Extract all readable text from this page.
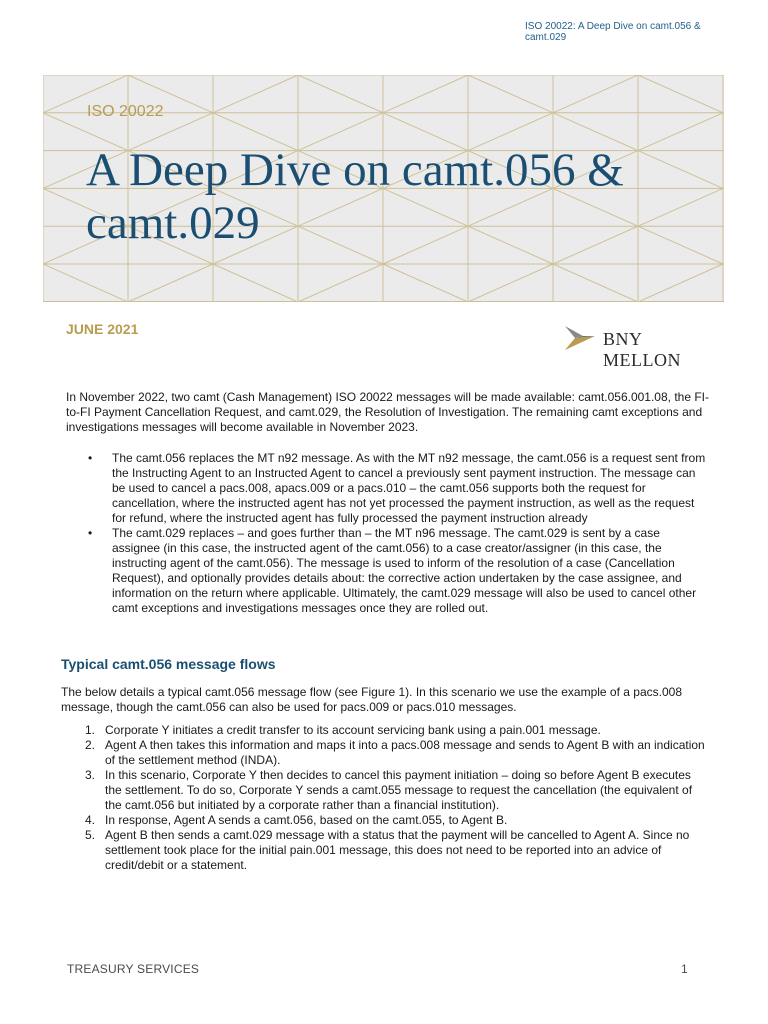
ISO 20022: A Deep Dive on camt.056 & camt.029
ISO 20022
A Deep Dive on camt.056 & camt.029
JUNE 2021	BNY MELLON

In November 2022, two camt (Cash Management) ISO 20022 messages will be made available: camt.056.001.08, the FI-to-FI Payment Cancellation Request, and camt.029, the Resolution of Investigation. The remaining camt exceptions and investigations messages will become available in November 2023.

• The camt.056 replaces the MT n92 message. As with the MT n92 message, the camt.056 is a request sent from the Instructing Agent to an Instructed Agent to cancel a previously sent payment instruction. The message can be used to cancel a pacs.008, apacs.009 or a pacs.010 – the camt.056 supports both the request for cancellation, where the instructed agent has not yet processed the payment instruction, as well as the request for refund, where the instructed agent has fully processed the payment instruction already
• The camt.029 replaces – and goes further than – the MT n96 message. The camt.029 is sent by a case assignee (in this case, the instructed agent of the camt.056) to a case creator/assigner (in this case, the instructing agent of the camt.056). The message is used to inform of the resolution of a case (Cancellation Request), and optionally provides details about: the corrective action undertaken by the case assignee, and information on the return where applicable. Ultimately, the camt.029 message will also be used to cancel other camt exceptions and investigations messages once they are rolled out.
Typical camt.056 message flows

The below details a typical camt.056 message flow (see Figure 1). In this scenario we use the example of a pacs.008 message, though the camt.056 can also be used for pacs.009 or pacs.010 messages.

1. Corporate Y initiates a credit transfer to its account servicing bank using a pain.001 message.
2. Agent A then takes this information and maps it into a pacs.008 message and sends to Agent B with an indication of the settlement method (INDA).
3. In this scenario, Corporate Y then decides to cancel this payment initiation – doing so before Agent B executes the settlement. To do so, Corporate Y sends a camt.055 message to request the cancellation (the equivalent of the camt.056 but initiated by a corporate rather than a financial institution).
4. In response, Agent A sends a camt.056, based on the camt.055, to Agent B.
5. Agent B then sends a camt.029 message with a status that the payment will be cancelled to Agent A. Since no settlement took place for the initial pain.001 message, this does not need to be reported into an advice of credit/debit or a statement.
TREASURY SERVICES	1
